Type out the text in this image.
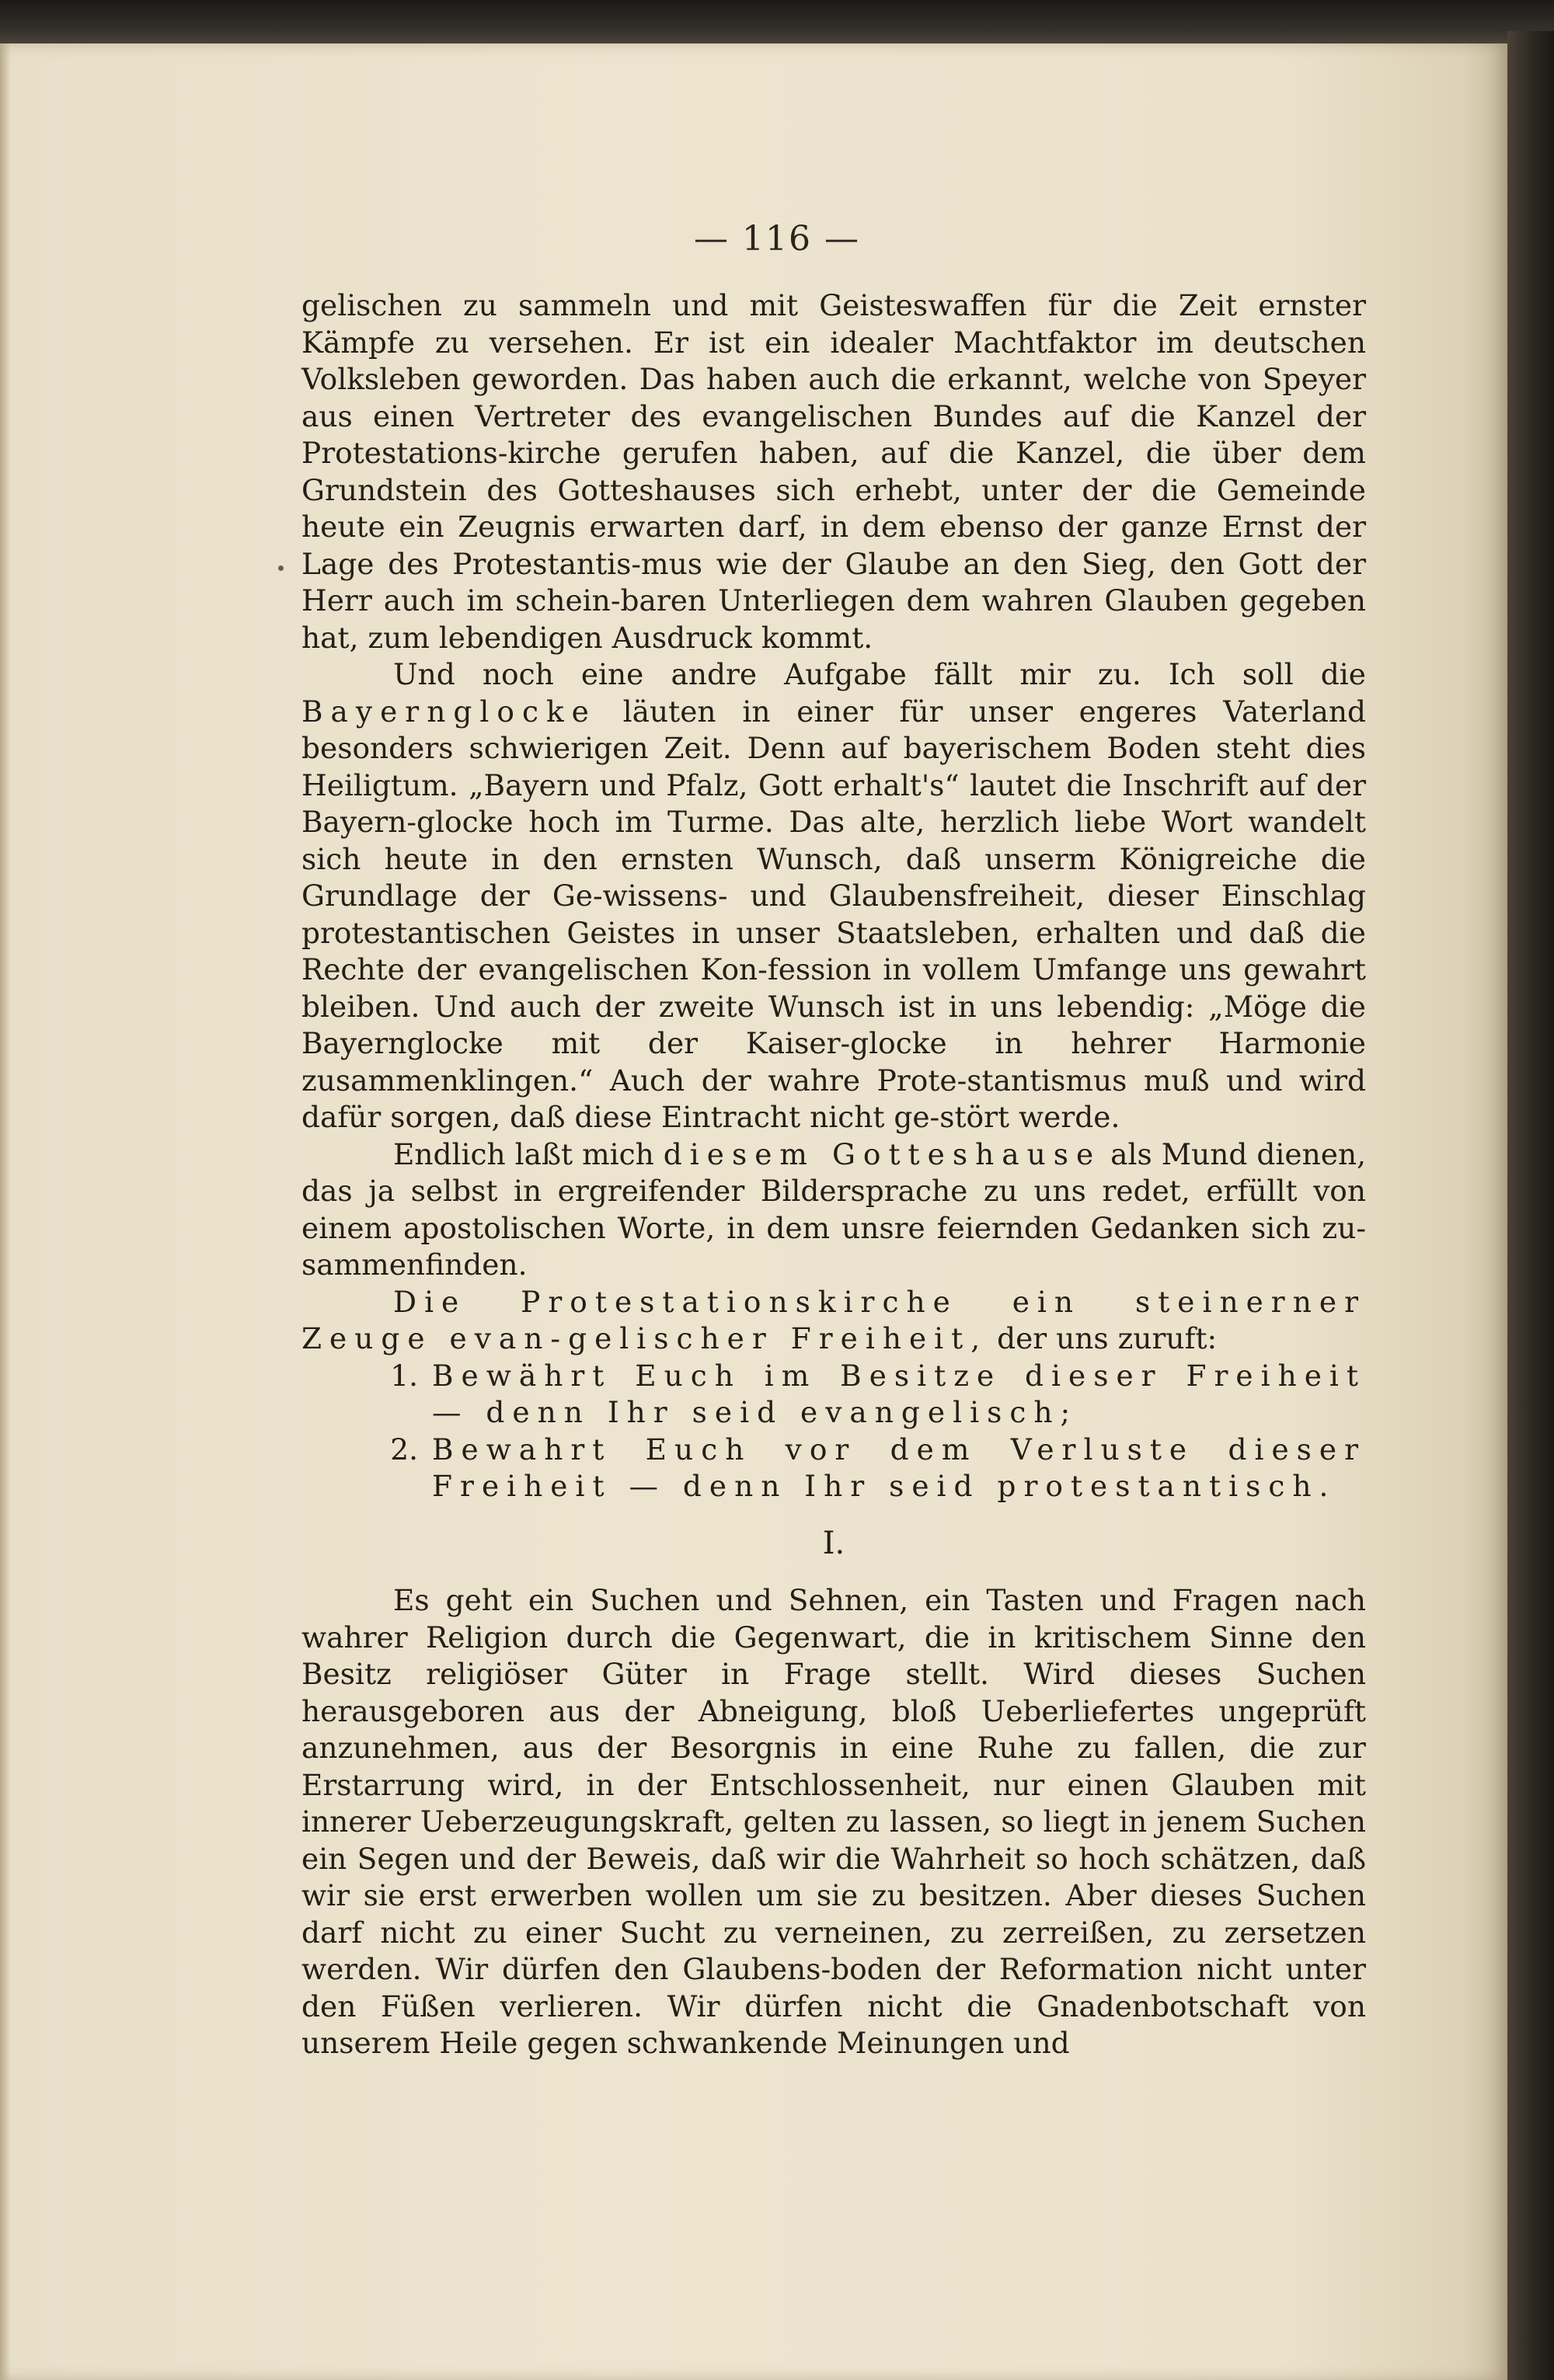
— 116 —

gelischen zu sammeln und mit Geisteswaffen für die Zeit ernster Kämpfe zu versehen. Er ist ein idealer Machtfaktor im deutschen Volksleben geworden. Das haben auch die erkannt, welche von Speyer aus einen Vertreter des evangelischen Bundes auf die Kanzel der Protestations-kirche gerufen haben, auf die Kanzel, die über dem Grundstein des Gotteshauses sich erhebt, unter der die Gemeinde heute ein Zeugnis erwarten darf, in dem ebenso der ganze Ernst der Lage des Protestantis-mus wie der Glaube an den Sieg, den Gott der Herr auch im schein-baren Unterliegen dem wahren Glauben gegeben hat, zum lebendigen Ausdruck kommt.

Und noch eine andre Aufgabe fällt mir zu. Ich soll die Bayernglocke läuten in einer für unser engeres Vaterland besonders schwierigen Zeit. Denn auf bayerischem Boden steht dies Heiligtum. „Bayern und Pfalz, Gott erhalt's“ lautet die Inschrift auf der Bayern-glocke hoch im Turme. Das alte, herzlich liebe Wort wandelt sich heute in den ernsten Wunsch, daß unserm Königreiche die Grundlage der Ge-wissens- und Glaubensfreiheit, dieser Einschlag protestantischen Geistes in unser Staatsleben, erhalten und daß die Rechte der evangelischen Kon-fession in vollem Umfange uns gewahrt bleiben. Und auch der zweite Wunsch ist in uns lebendig: „Möge die Bayernglocke mit der Kaiser-glocke in hehrer Harmonie zusammenklingen.“ Auch der wahre Prote-stantismus muß und wird dafür sorgen, daß diese Eintracht nicht ge-stört werde.

Endlich laßt mich diesem Gotteshause als Mund dienen, das ja selbst in ergreifender Bildersprache zu uns redet, erfüllt von einem apostolischen Worte, in dem unsre feiernden Gedanken sich zu-sammenfinden.

Die Protestationskirche ein steinerner Zeuge evan-gelischer Freiheit, der uns zuruft:

1. Bewährt Euch im Besitze dieser Freiheit — denn Ihr seid evangelisch;
2. Bewahrt Euch vor dem Verluste dieser Freiheit — denn Ihr seid protestantisch.
I.

Es geht ein Suchen und Sehnen, ein Tasten und Fragen nach wahrer Religion durch die Gegenwart, die in kritischem Sinne den Besitz religiöser Güter in Frage stellt. Wird dieses Suchen herausgeboren aus der Abneigung, bloß Ueberliefertes ungeprüft anzunehmen, aus der Besorgnis in eine Ruhe zu fallen, die zur Erstarrung wird, in der Entschlossenheit, nur einen Glauben mit innerer Ueberzeugungskraft, gelten zu lassen, so liegt in jenem Suchen ein Segen und der Beweis, daß wir die Wahrheit so hoch schätzen, daß wir sie erst erwerben wollen um sie zu besitzen. Aber dieses Suchen darf nicht zu einer Sucht zu verneinen, zu zerreißen, zu zersetzen werden. Wir dürfen den Glaubens-boden der Reformation nicht unter den Füßen verlieren. Wir dürfen nicht die Gnadenbotschaft von unserem Heile gegen schwankende Meinungen und
